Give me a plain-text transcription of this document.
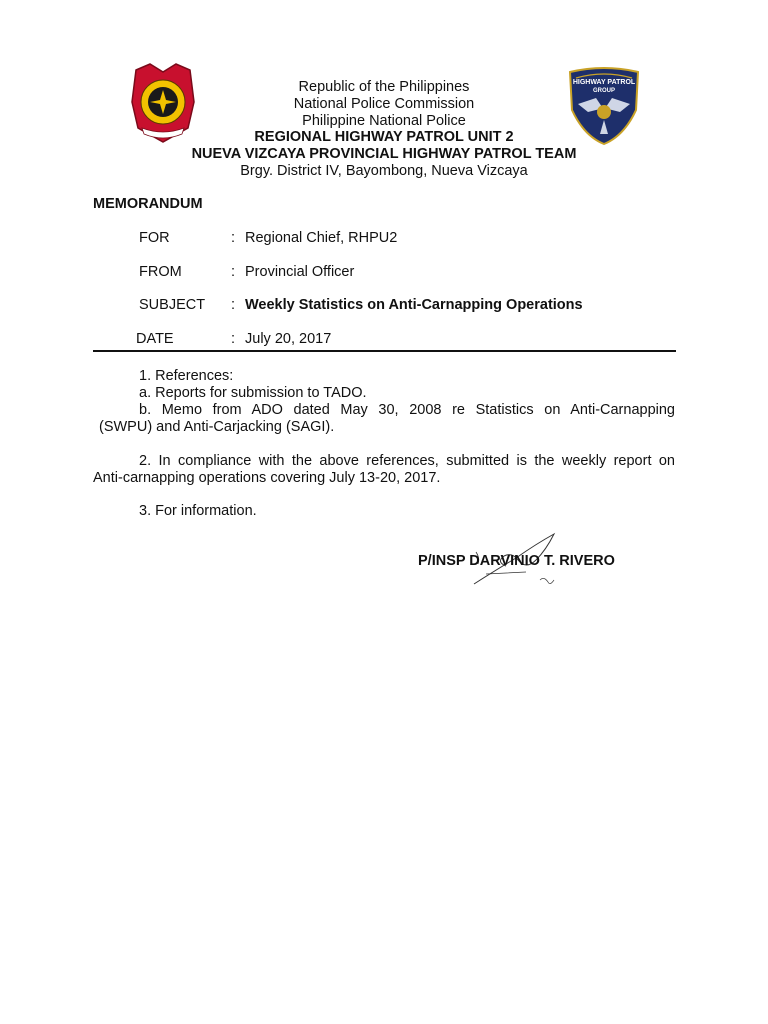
HIGHWAY PATROL
GROUP
Republic of the Philippines
National Police Commission
Philippine National Police
REGIONAL HIGHWAY PATROL UNIT 2
NUEVA VIZCAYA PROVINCIAL HIGHWAY PATROL TEAM
Brgy. District IV, Bayombong, Nueva Vizcaya
MEMORANDUM
FOR	: Regional Chief, RHPU2
FROM	: Provincial Officer
SUBJECT : Weekly Statistics on Anti-Carnapping Operations
DATE	: July 20, 2017
1. References:
a. Reports for submission to TADO.
b. Memo from ADO dated May 30, 2008 re Statistics on Anti-Carnapping
(SWPU) and Anti-Carjacking (SAGI).
2. In compliance with the above references, submitted is the weekly report on
Anti-carnapping operations covering July 13-20, 2017.
3. For information.
P/INSP DARVINIO T. RIVERO
